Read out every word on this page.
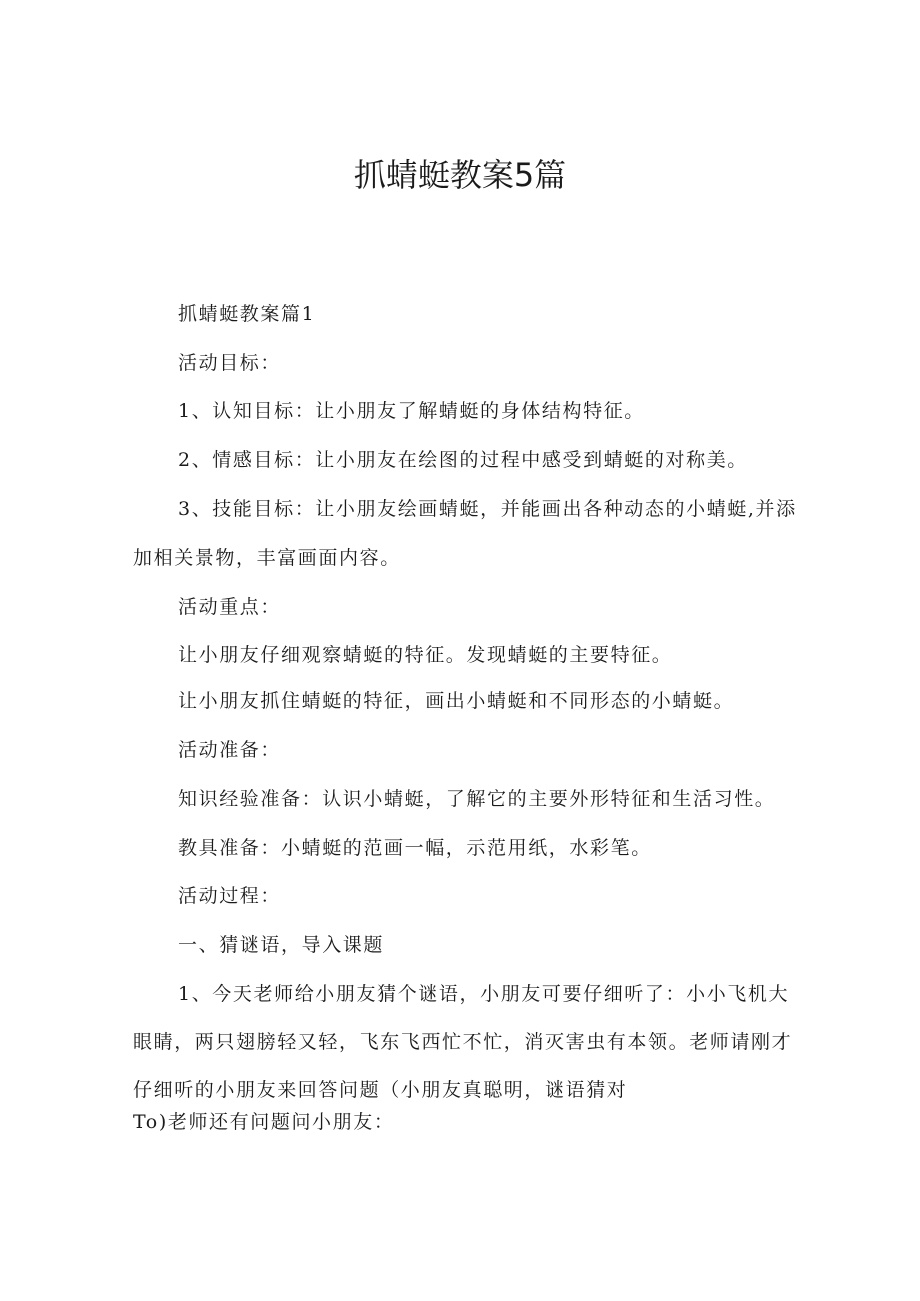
抓蜻蜓教案5篇

抓蜻蜓教案篇1

活动目标：

1、认知目标：让小朋友了解蜻蜓的身体结构特征。

2、情感目标：让小朋友在绘图的过程中感受到蜻蜓的对称美。

3、技能目标：让小朋友绘画蜻蜓，并能画出各种动态的小蜻蜓,并添

加相关景物，丰富画面内容。

活动重点：

让小朋友仔细观察蜻蜓的特征。发现蜻蜓的主要特征。

让小朋友抓住蜻蜓的特征，画出小蜻蜓和不同形态的小蜻蜓。

活动准备：

知识经验准备：认识小蜻蜓，了解它的主要外形特征和生活习性。

教具准备：小蜻蜓的范画一幅，示范用纸，水彩笔。

活动过程：

一、猜谜语，导入课题

1、今天老师给小朋友猜个谜语，小朋友可要仔细听了：小小飞机大

眼睛，两只翅膀轻又轻，飞东飞西忙不忙，消灭害虫有本领。老师请刚才

仔细听的小朋友来回答问题（小朋友真聪明，谜语猜对

To)老师还有问题问小朋友：
